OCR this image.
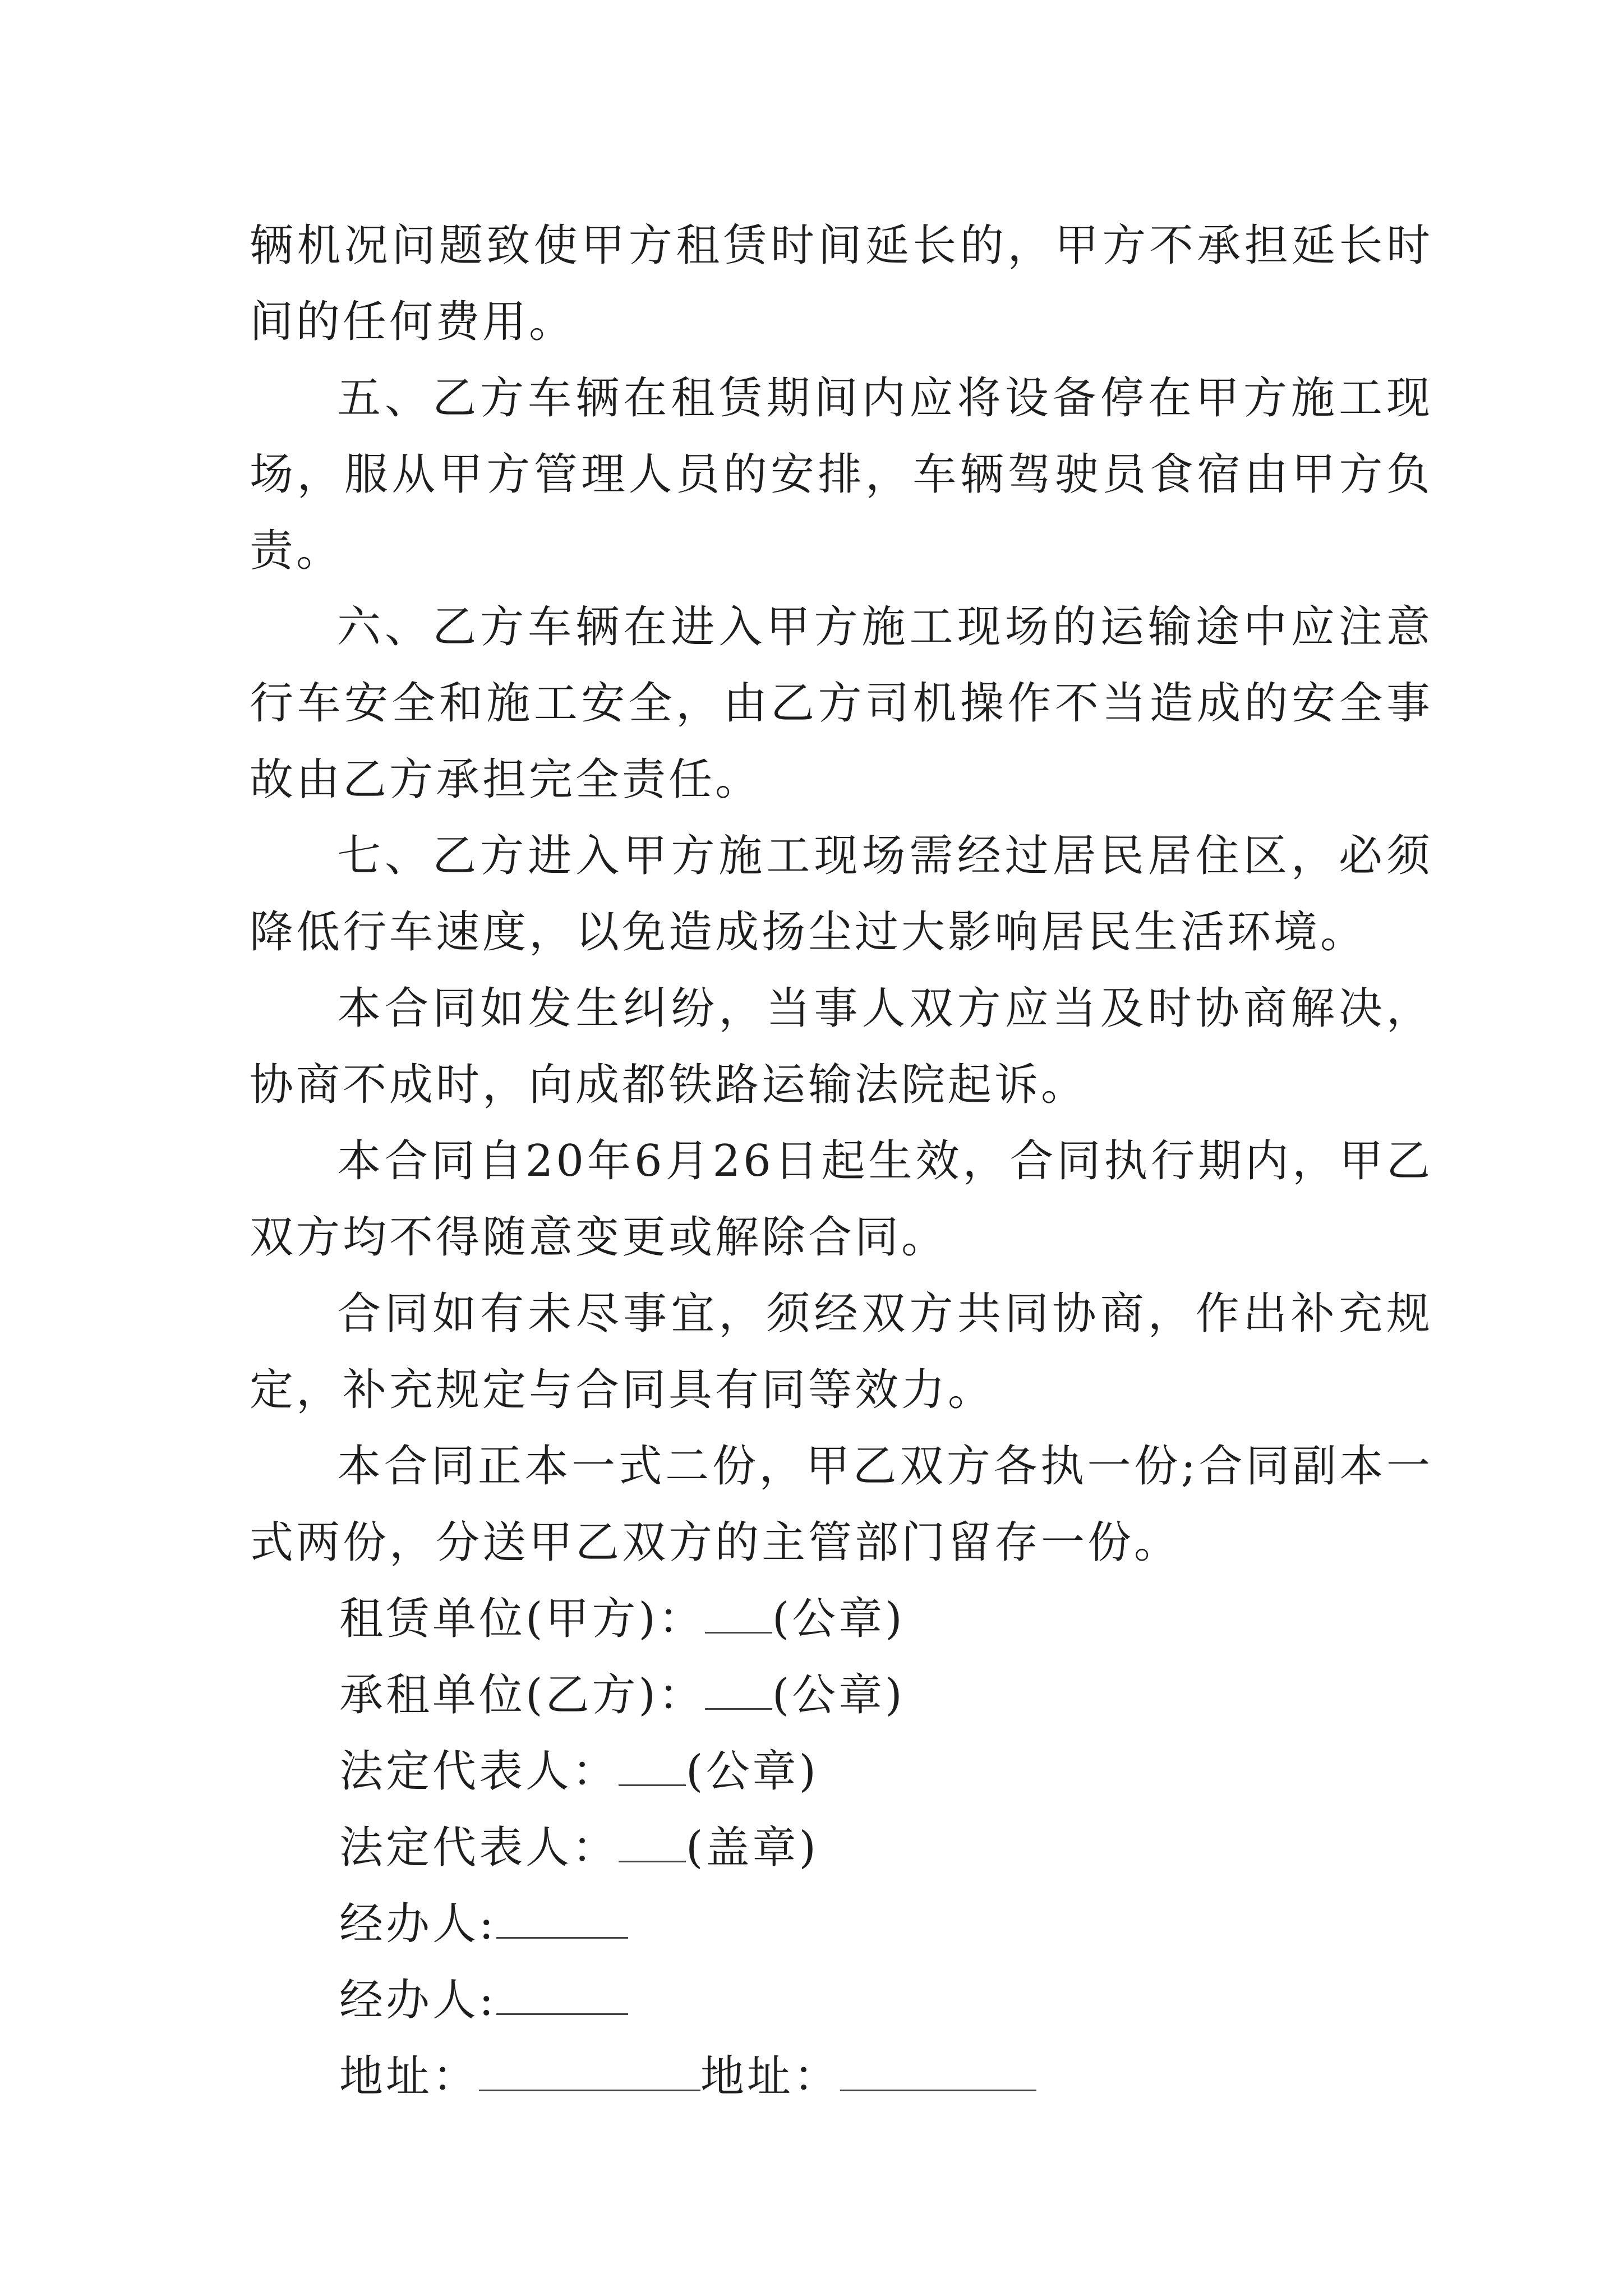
辆机况问题致使甲方租赁时间延长的，甲方不承担延长时间的任何费用。

五、乙方车辆在租赁期间内应将设备停在甲方施工现场，服从甲方管理人员的安排，车辆驾驶员食宿由甲方负责。

六、乙方车辆在进入甲方施工现场的运输途中应注意行车安全和施工安全，由乙方司机操作不当造成的安全事故由乙方承担完全责任。

七、乙方进入甲方施工现场需经过居民居住区，必须降低行车速度，以免造成扬尘过大影响居民生活环境。

本合同如发生纠纷，当事人双方应当及时协商解决，协商不成时，向成都铁路运输法院起诉。

本合同自20年6月26日起生效，合同执行期内，甲乙双方均不得随意变更或解除合同。

合同如有未尽事宜，须经双方共同协商，作出补充规定，补充规定与合同具有同等效力。

本合同正本一式二份，甲乙双方各执一份;合同副本一式两份，分送甲乙双方的主管部门留存一份。

租赁单位(甲方)： (公章)
承租单位(乙方)： (公章)
法定代表人： (公章)
法定代表人： (盖章)
经办人:
经办人:
地址：	地址：
